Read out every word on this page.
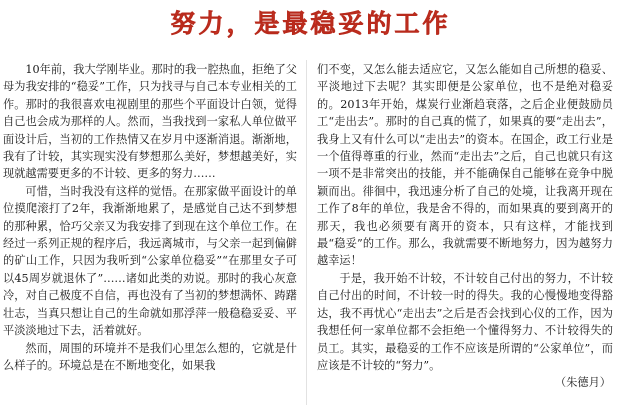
努力，是最稳妥的工作

10年前，我大学刚毕业。那时的我一腔热血，拒绝了父母为我安排的“稳妥”工作，只为找寻与自己本专业相关的工作。那时的我很喜欢电视剧里的那些个平面设计白领，觉得自己也会成为那样的人。然而，当我找到一家私人单位做平面设计后，当初的工作热情又在岁月中逐渐消退。渐渐地，我有了计较，其实现实没有梦想那么美好，梦想越美好，实现就越需要更多的不计较、更多的努力……

可惜，当时我没有这样的觉悟。在那家做平面设计的单位摸爬滚打了2年，我渐渐地累了，是感觉自己达不到梦想的那种累，恰巧父亲又为我安排了到现在这个单位工作。在经过一系列正规的程序后，我远离城市，与父亲一起到偏僻的矿山工作，只因为我听到“公家单位稳妥”“在那里女子可以45周岁就退休了”……诸如此类的劝说。那时的我心灰意冷，对自己极度不自信，再也没有了当初的梦想满怀、踌躇壮志，当真只想让自己的生命就如那浮萍一般稳稳妥妥、平平淡淡地过下去，活着就好。

然而，周围的环境并不是我们心里怎么想的，它就是什么样子的。环境总是在不断地变化，如果我

们不变，又怎么能去适应它，又怎么能如自己所想的稳妥、平淡地过下去呢？其实即便是公家单位，也不是绝对稳妥的。2013年开始，煤炭行业渐趋衰落，之后企业便鼓励员工“走出去”。那时的自己真的慌了，如果真的要“走出去”，我身上又有什么可以“走出去”的资本。在国企，政工行业是一个值得尊重的行业，然而“走出去”之后，自己也就只有这一项不是非常突出的技能，并不能确保自己能够在竞争中脱颖而出。徘徊中，我迅速分析了自己的处境，让我离开现在工作了8年的单位，我是舍不得的，而如果真的要到离开的那天，我也必须要有离开的资本，只有这样，才能找到最“稳妥”的工作。那么，我就需要不断地努力，因为越努力越幸运！

于是，我开始不计较，不计较自己付出的努力，不计较自己付出的时间，不计较一时的得失。我的心慢慢地变得豁达，我不再忧心“走出去”之后是否会找到心仪的工作，因为我想任何一家单位都不会拒绝一个懂得努力、不计较得失的员工。其实，最稳妥的工作不应该是所谓的“公家单位”，而应该是不计较的“努力”。

（朱德月）
